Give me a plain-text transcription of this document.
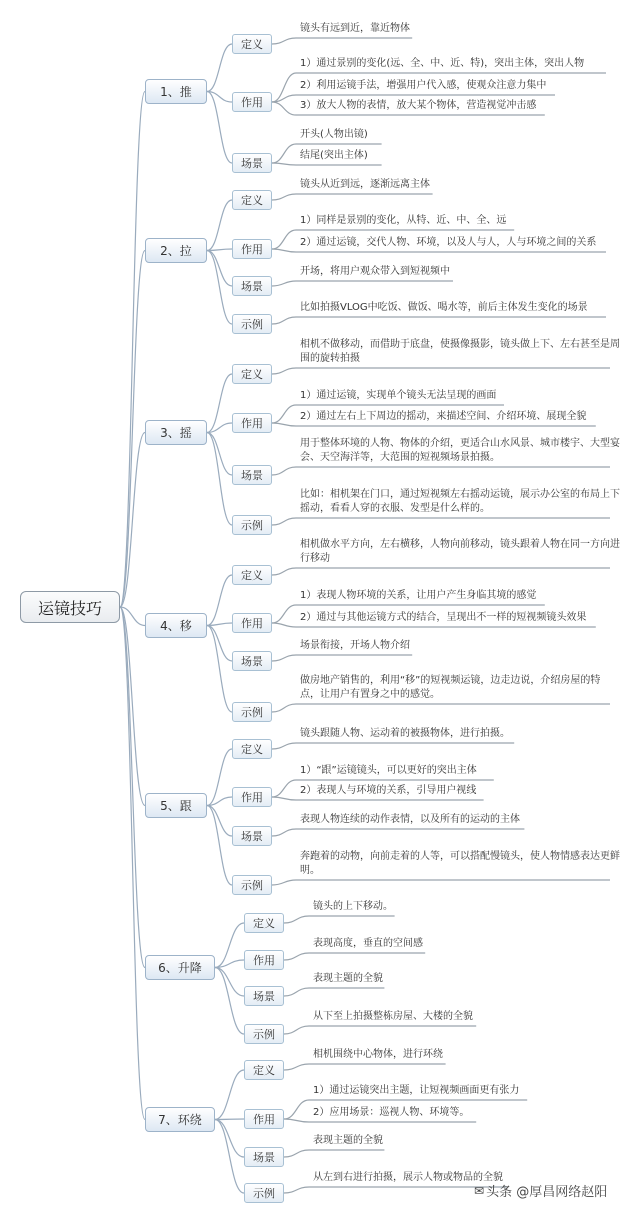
运镜技巧
1、推
定义
镜头有远到近，靠近物体
作用
1）通过景别的变化(远、全、中、近、特)，突出主体，突出人物
2）利用运镜手法，增强用户代入感，使观众注意力集中
3）放大人物的表情，放大某个物体，营造视觉冲击感
场景
开头(人物出镜)
结尾(突出主体)
2、拉
定义
镜头从近到远，逐渐远离主体
作用
1）同样是景别的变化，从特、近、中、全、远
2）通过运镜，交代人物、环境，以及人与人，人与环境之间的关系
场景
开场，将用户观众带入到短视频中
示例
比如拍摄VLOG中吃饭、做饭、喝水等，前后主体发生变化的场景
3、摇
定义
相机不做移动，而借助于底盘，使摄像摄影，镜头做上下、左右甚至是周围的旋转拍摄
作用
1）通过运镜，实现单个镜头无法呈现的画面
2）通过左右上下周边的摇动，来描述空间、介绍环境、展现全貌
场景
用于整体环境的人物、物体的介绍，更适合山水风景、城市楼宇、大型宴会、天空海洋等，大范围的短视频场景拍摄。
示例
比如：相机架在门口，通过短视频左右摇动运镜，展示办公室的布局上下摇动，看看人穿的衣服、发型是什么样的。
4、移
定义
相机做水平方向，左右横移，人物向前移动，镜头跟着人物在同一方向进行移动
作用
1）表现人物环境的关系，让用户产生身临其境的感觉
2）通过与其他运镜方式的结合，呈现出不一样的短视频镜头效果
场景
场景衔接，开场人物介绍
示例
做房地产销售的，利用“移”的短视频运镜，边走边说，介绍房屋的特点，让用户有置身之中的感觉。
5、跟
定义
镜头跟随人物、运动着的被摄物体，进行拍摄。
作用
1）“跟”运镜镜头，可以更好的突出主体
2）表现人与环境的关系，引导用户视线
场景
表现人物连续的动作表情，以及所有的运动的主体
示例
奔跑着的动物，向前走着的人等，可以搭配慢镜头，使人物情感表达更鲜明。
6、升降
定义
镜头的上下移动。
作用
表现高度，垂直的空间感
场景
表现主题的全貌
示例
从下至上拍摄整栋房屋、大楼的全貌
7、环绕
定义
相机围绕中心物体，进行环绕
作用
1）通过运镜突出主题，让短视频画面更有张力
2）应用场景：巡视人物、环境等。
场景
表现主题的全貌
示例
从左到右进行拍摄，展示人物或物品的全貌
✉ 头条 @厚昌网络赵阳
